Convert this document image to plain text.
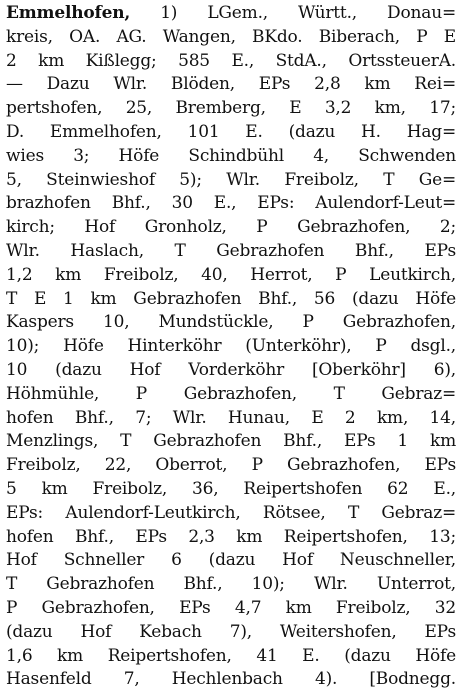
Emmelhofen, 1) LGem., Württ., Donau=
kreis, OA. AG. Wangen, BKdo. Biberach, P E
2 km Kißlegg; 585 E., StdA., OrtssteuerA.
— Dazu Wlr. Blöden, EPs 2,8 km Rei=
pertshofen, 25, Bremberg, E 3,2 km, 17;
D. Emmelhofen, 101 E. (dazu H. Hag=
wies 3; Höfe Schindbühl 4, Schwenden
5, Steinwieshof 5); Wlr. Freibolz, T Ge=
brazhofen Bhf., 30 E., EPs: Aulendorf-Leut=
kirch; Hof Gronholz, P Gebrazhofen, 2;
Wlr. Haslach, T Gebrazhofen Bhf., EPs
1,2 km Freibolz, 40, Herrot, P Leutkirch,
T E 1 km Gebrazhofen Bhf., 56 (dazu Höfe
Kaspers 10, Mundstückle, P Gebrazhofen,
10); Höfe Hinterköhr (Unterköhr), P dsgl.,
10 (dazu Hof Vorderköhr [Oberköhr] 6),
Höhmühle, P Gebrazhofen, T Gebraz=
hofen Bhf., 7; Wlr. Hunau, E 2 km, 14,
Menzlings, T Gebrazhofen Bhf., EPs 1 km
Freibolz, 22, Oberrot, P Gebrazhofen, EPs
5 km Freibolz, 36, Reipertshofen 62 E.,
EPs: Aulendorf-Leutkirch, Rötsee, T Gebraz=
hofen Bhf., EPs 2,3 km Reipertshofen, 13;
Hof Schneller 6 (dazu Hof Neuschneller,
T Gebrazhofen Bhf., 10); Wlr. Unterrot,
P Gebrazhofen, EPs 4,7 km Freibolz, 32
(dazu Hof Kebach 7), Weitershofen, EPs
1,6 km Reipertshofen, 41 E. (dazu Höfe
Hasenfeld 7, Hechlenbach 4). [Bodnegg.
